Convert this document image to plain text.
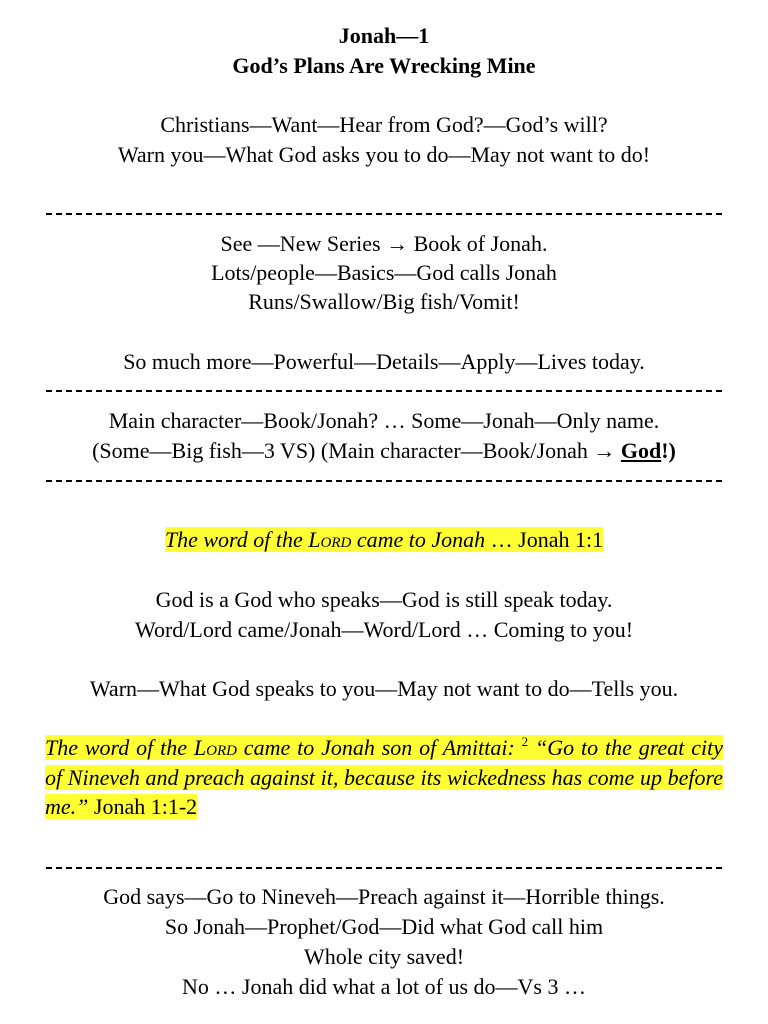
Jonah—1
God’s Plans Are Wrecking Mine
Christians—Want—Hear from God?—God’s will?
Warn you—What God asks you to do—May not want to do!
See —New Series → Book of Jonah.
Lots/people—Basics—God calls Jonah
Runs/Swallow/Big fish/Vomit!
So much more—Powerful—Details—Apply—Lives today.
Main character—Book/Jonah? … Some—Jonah—Only name.
(Some—Big fish—3 VS) (Main character—Book/Jonah → God!)
The word of the Lord came to Jonah … Jonah 1:1
God is a God who speaks—God is still speak today.
Word/Lord came/Jonah—Word/Lord … Coming to you!
Warn—What God speaks to you—May not want to do—Tells you.
The word of the Lord came to Jonah son of Amittai: $^2$ “Go to the great city of Nineveh and preach against it, because its wickedness has come up before me.” Jonah 1:1-2
God says—Go to Nineveh—Preach against it—Horrible things.
So Jonah—Prophet/God—Did what God call him
Whole city saved!
No … Jonah did what a lot of us do—Vs 3 …
